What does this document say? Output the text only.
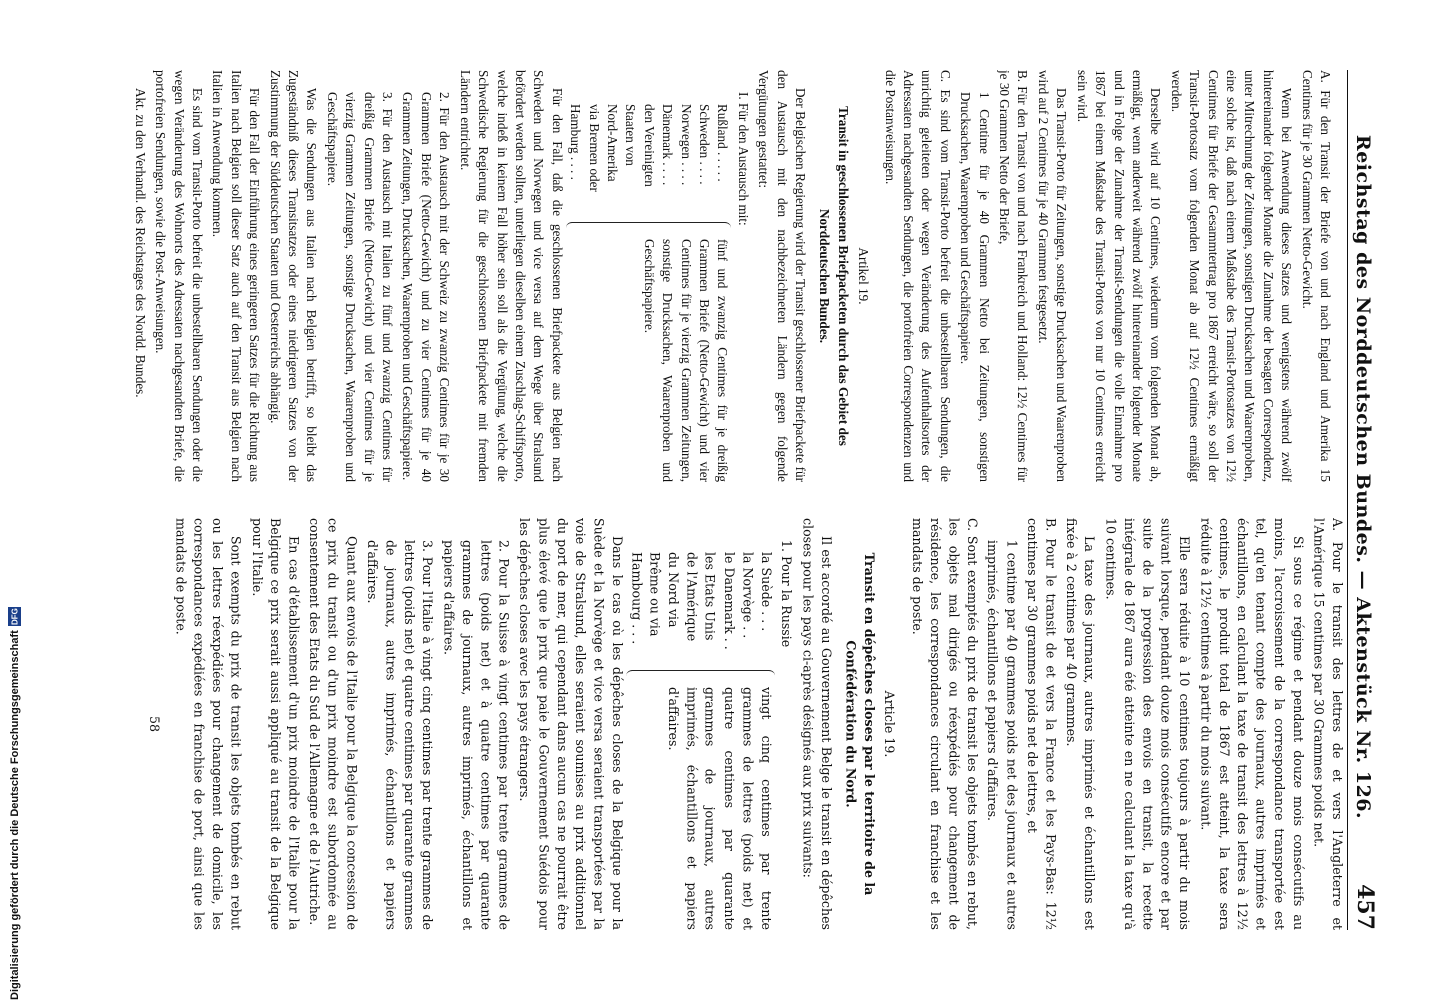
Reichstag des Norddeutschen Bundes. — Aktenstück Nr. 126.
457

A. Für den Transit der Briefe von und nach England und Amerika 15 Centimes für je 30 Grammen Netto-Gewicht.

Wenn bei Anwendung dieses Satzes und wenigstens während zwölf hintereinander folgender Monate die Zunahme der besagten Correspondenz, unter Mitrechnung der Zeitungen, sonstigen Drucksachen und Waarenproben, eine solche ist, daß nach einem Maßstabe des Transit-Portosatzes von 12½ Centimes für Briefe der Gesammtertrag pro 1867 erreicht wäre, so soll der Transit-Portosatz vom folgenden Monat ab auf 12½ Centimes ermäßigt werden.

Derselbe wird auf 10 Centimes, wiederum vom folgenden Monat ab, ermäßigt, wenn anderweit während zwölf hintereinander folgender Monate und in Folge der Zunahme der Transit-Sendungen die volle Einnahme pro 1867 bei einem Maßstabe des Transit-Portos von nur 10 Centimes erreicht sein wird.

Das Transit-Porto für Zeitungen, sonstige Drucksachen und Waarenproben wird auf 2 Centimes für je 40 Grammen festgesetzt.

B. Für den Transit von und nach Frankreich und Holland: 12½ Centimes für je 30 Grammen Netto der Briefe,

1 Centime für je 40 Grammen Netto bei Zeitungen, sonstigen Drucksachen, Waarenproben und Geschäftspapiere.

C. Es sind vom Transit-Porto befreit die unbestellbaren Sendungen, die unrichtig geleiteten oder wegen Veränderung des Aufenthaltsortes der Adressaten nachgesandten Sendungen, die portofreien Correspondenzen und die Postanweisungen.

Artikel 19.

Transit in geschlossenen Briefpacketen durch das Gebiet des Norddeutschen Bundes.

Der Belgischen Regierung wird der Transit geschlossener Briefpackete für den Austausch mit den nachbezeichneten Ländern gegen folgende Vergütungen gestattet:

I. Für den Austausch mit:

Rußland . . . . .
Schweden . . . .
Norwegen . . . .
Dänemark . . . .
den Vereinigten
Staaten von
Nord-Amerika
via Bremen oder
Hamburg . . . .
fünf und zwanzig Centimes für je dreißig Grammen Briefe (Netto-Gewicht) und vier Centimes für je vierzig Grammen Zeitungen, sonstige Drucksachen, Waarenproben und Geschäftspapiere.

Für den Fall, daß die geschlossenen Briefpackete aus Belgien nach Schweden und Norwegen und vice versa auf dem Wege über Stralsund befördert werden sollten, unterliegen dieselben einem Zuschlag-Schiffsporto, welche indeß in keinem Fall höher sein soll als die Vergütung, welche die Schwedische Regierung für die geschlossenen Briefpackete mit fremden Ländern entrichtet.

2. Für den Austausch mit der Schweiz zu zwanzig Centimes für je 30 Grammen Briefe (Netto-Gewicht) und zu vier Centimes für je 40 Grammen Zeitungen, Drucksachen, Waarenproben und Geschäftspapiere.

3. Für den Austausch mit Italien zu fünf und zwanzig Centimes für dreißig Grammen Briefe (Netto-Gewicht) und vier Centimes für je vierzig Grammen Zeitungen, sonstige Drucksachen, Waarenproben und Geschäftspapiere.

Was die Sendungen aus Italien nach Belgien betrifft, so bleibt das Zugeständniß dieses Transitsatzes oder eines niedrigeren Satzes von der Zustimmung der Süddeutschen Staaten und Oesterreichs abhängig.

Für den Fall der Einführung eines geringeren Satzes für die Richtung aus Italien nach Belgien soll dieser Satz auch auf den Transit aus Belgien nach Italien in Anwendung kommen.

Es sind vom Transit-Porto befreit die unbestellbaren Sendungen oder die wegen Veränderung des Wohnorts des Adressaten nachgesandten Briefe, die portofreien Sendungen, sowie die Post-Anweisungen.

Akt. zu den Verhandl. des Reichstages des Nordd. Bundes.

A. Pour le transit des lettres de et vers l'Angleterre et l'Amérique 15 centimes par 30 Grammes poids net.

Si sous ce régime et pendant douze mois consécutifs au moins, l'accroissement de la correspondance transportée est tel, qu'en tenant compte des journaux, autres imprimés et échantillons, en calculant la taxe de transit des lettres à 12½ centimes, le produit total de 1867 est atteint, la taxe sera réduite à 12½ centimes à partir du mois suivant.

Elle sera réduite à 10 centimes toujours à partir du mois suivant lorsque, pendant douze mois consécutifs encore et par suite de la progression des envois en transit, la recette intégrale de 1867 aura été atteinte en ne calculant la taxe qu'à 10 centimes.

La taxe des journaux, autres imprimés et échantillons est fixée à 2 centimes par 40 grammes.

B. Pour le transit de et vers la France et les Pays-Bas: 12½ centimes par 30 grammes poids net de lettres, et

1 centime par 40 grammes poids net des journaux et autres imprimés, échantillons et papiers d'affaires.

C. Sont exemptés du prix de transit les objets tombés en rebut, les objets mal dirigés ou réexpédiés pour changement de résidence, les correspondances circulant en franchise et les mandats de poste.

Article 19.

Transit en dépêches closes par le territoire de la Confédération du Nord.

Il est accordé au Gouvernement Belge le transit en dépêches closes pour les pays ci-après désignés aux prix suivants:

1. Pour la Russie

la Suède . . .
la Norvège . .
le Danemark . .
les Etats Unis
de l'Amérique
du Nord via
Brême ou via
Hambourg . . .
vingt cinq centimes par trente grammes de lettres (poids net) et quatre centimes par quarante grammes de journaux, autres imprimés, échantillons et papiers d'affaires.

Dans le cas où les dépêches closes de la Belgique pour la Suède et la Norvège et vice versa seraient transportées par la voie de Stralsund, elles seraient soumises au prix additionnel du port de mer, qui cependant dans aucun cas ne pourrait être plus élevé que le prix que paie le Gouvernement Suédois pour les dépêches closes avec les pays étrangers.

2. Pour la Suisse à vingt centimes par trente grammes de lettres (poids net) et à quatre centimes par quarante grammes de journaux, autres imprimés, échantillons et papiers d'affaires.

3. Pour l'Italie à vingt cinq centimes par trente grammes de lettres (poids net) et quatre centimes par quarante grammes de journaux, autres imprimés, échantillons et papiers d'affaires.

Quant aux envois de l'Italie pour la Belgique la concession de ce prix du transit ou d'un prix moindre est subordonnée au consentement des Etats du Sud de l'Allemagne et de l'Autriche.

En cas d'établissement d'un prix moindre de l'Italie pour la Belgique ce prix serait aussi appliqué au transit de la Belgique pour l'Italie.

Sont exempts du prix de transit les objets tombés en rebut ou les lettres réexpédiées pour changement de domicile, les correspondances expédiées en franchise de port, ainsi que les mandats de poste.

58

Digitalisierung gefördert durch die Deutsche Forschungsgemeinschaft
DFG
